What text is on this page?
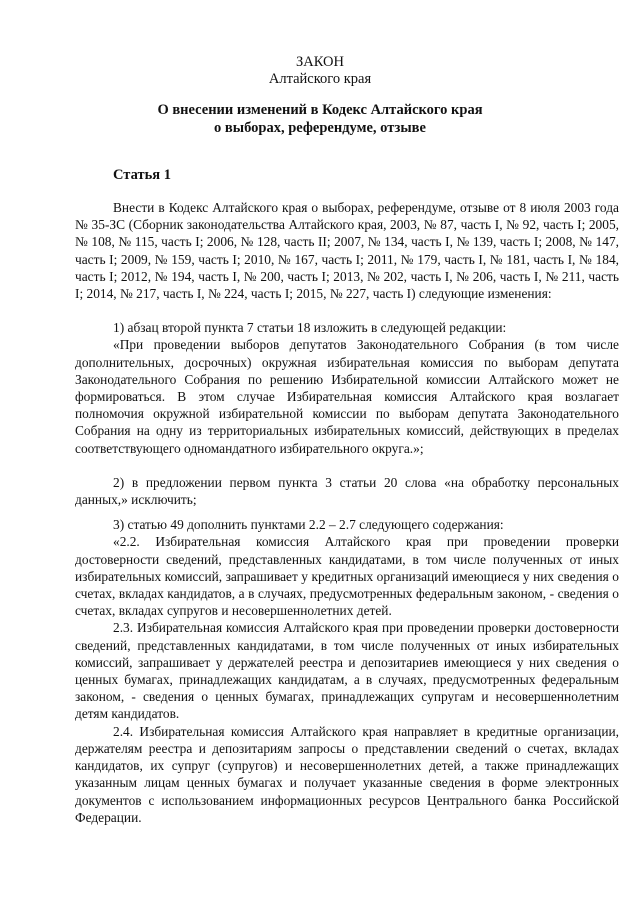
ЗАКОН
Алтайского края
О внесении изменений в Кодекс Алтайского края
о выборах, референдуме, отзыве
Статья 1

Внести в Кодекс Алтайского края о выборах, референдуме, отзыве от 8 июля 2003 года № 35-ЗС (Сборник законодательства Алтайского края, 2003, № 87, часть I, № 92, часть I; 2005, № 108, № 115, часть I; 2006, № 128, часть II; 2007, № 134, часть I, № 139, часть I; 2008, № 147, часть I; 2009, № 159, часть I; 2010, № 167, часть I; 2011, № 179, часть I, № 181, часть I, № 184, часть I; 2012, № 194, часть I, № 200, часть I; 2013, № 202, часть I, № 206, часть I, № 211, часть I; 2014, № 217, часть I, № 224, часть I; 2015, № 227, часть I) следующие изменения:

1) абзац второй пункта 7 статьи 18 изложить в следующей редакции:

«При проведении выборов депутатов Законодательного Собрания (в том числе дополнительных, досрочных) окружная избирательная комиссия по выборам депутата Законодательного Собрания по решению Избирательной комиссии Алтайского может не формироваться. В этом случае Избирательная комиссия Алтайского края возлагает полномочия окружной избирательной комиссии по выборам депутата Законодательного Собрания на одну из территориальных избирательных комиссий, действующих в пределах соответствующего одномандатного избирательного округа.»;

2) в предложении первом пункта 3 статьи 20 слова «на обработку персональных данных,» исключить;

3) статью 49 дополнить пунктами 2.2 – 2.7 следующего содержания:

«2.2. Избирательная комиссия Алтайского края при проведении проверки достоверности сведений, представленных кандидатами, в том числе полученных от иных избирательных комиссий, запрашивает у кредитных организаций имеющиеся у них сведения о счетах, вкладах кандидатов, а в случаях, предусмотренных федеральным законом, - сведения о счетах, вкладах супругов и несовершеннолетних детей.

2.3. Избирательная комиссия Алтайского края при проведении проверки достоверности сведений, представленных кандидатами, в том числе полученных от иных избирательных комиссий, запрашивает у держателей реестра и депозитариев имеющиеся у них сведения о ценных бумагах, принадлежащих кандидатам, а в случаях, предусмотренных федеральным законом, - сведения о ценных бумагах, принадлежащих супругам и несовершеннолетним детям кандидатов.

2.4. Избирательная комиссия Алтайского края направляет в кредитные организации, держателям реестра и депозитариям запросы о представлении сведений о счетах, вкладах кандидатов, их супруг (супругов) и несовершеннолетних детей, а также принадлежащих указанным лицам ценных бумагах и получает указанные сведения в форме электронных документов с использованием информационных ресурсов Центрального банка Российской Федерации.
